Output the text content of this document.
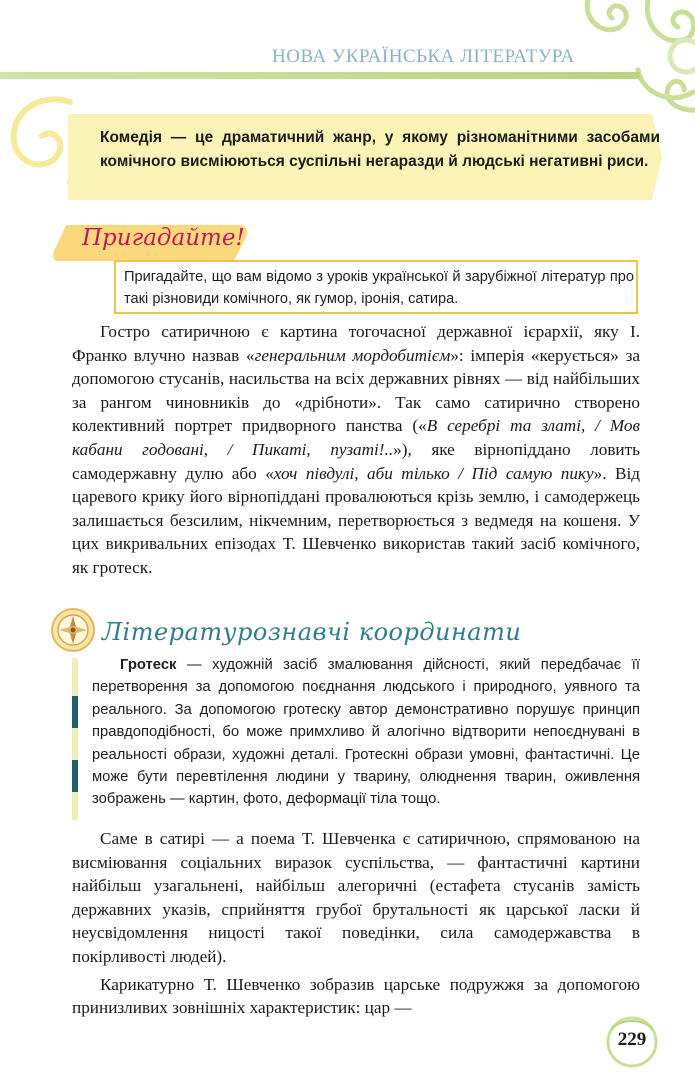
НОВА УКРАЇНСЬКА ЛІТЕРАТУРА
Комедія — це драматичний жанр, у якому різноманітними засобами комічного висміюються суспільні негаразди й людські негативні риси.
Пригадайте!
Пригадайте, що вам відомо з уроків української й зарубіжної літератур про такі різновиди комічного, як гумор, іронія, сатира.

Гостро сатиричною є картина тогочасної державної ієрархії, яку І. Франко влучно назвав «генеральним мордобитієм»: імперія «керується» за допомогою стусанів, насильства на всіх державних рівнях — від найбільших за рангом чиновників до «дрібноти». Так само сатирично створено колективний портрет придворного панства («В серебрі та златі, / Мов кабани годовані, / Пикаті, пузаті!..»), яке вірнопіддано ловить самодержавну дулю або «хоч півдулі, аби тілько / Під самую пику». Від царевого крику його вірнопіддані провалюються крізь землю, і самодержець залишається безсилим, нікчемним, перетворюється з ведмедя на кошеня. У цих викривальних епізодах Т. Шевченко використав такий засіб комічного, як гротеск.

Літературознавчі координати
Гротеск — художній засіб змалювання дійсності, який передбачає її перетворення за допомогою поєднання людського і природного, уявного та реального. За допомогою гротеску автор демонстративно порушує принцип правдоподібності, бо може примхливо й алогічно відтворити непоєднувані в реальності образи, художні деталі. Гротескні образи умовні, фантастичні. Це може бути перевтілення людини у тварину, олюднення тварин, оживлення зображень — картин, фото, деформації тіла тощо.

Саме в сатирі — а поема Т. Шевченка є сатиричною, спрямованою на висміювання соціальних виразок суспільства, — фантастичні картини найбільш узагальнені, найбільш алегоричні (естафета стусанів замість державних указів, сприйняття грубої брутальності як царської ласки й неусвідомлення ницості такої поведінки, сила самодержавства в покірливості людей).

Карикатурно Т. Шевченко зобразив царське подружжя за допомогою принизливих зовнішніх характеристик: цар —

229
